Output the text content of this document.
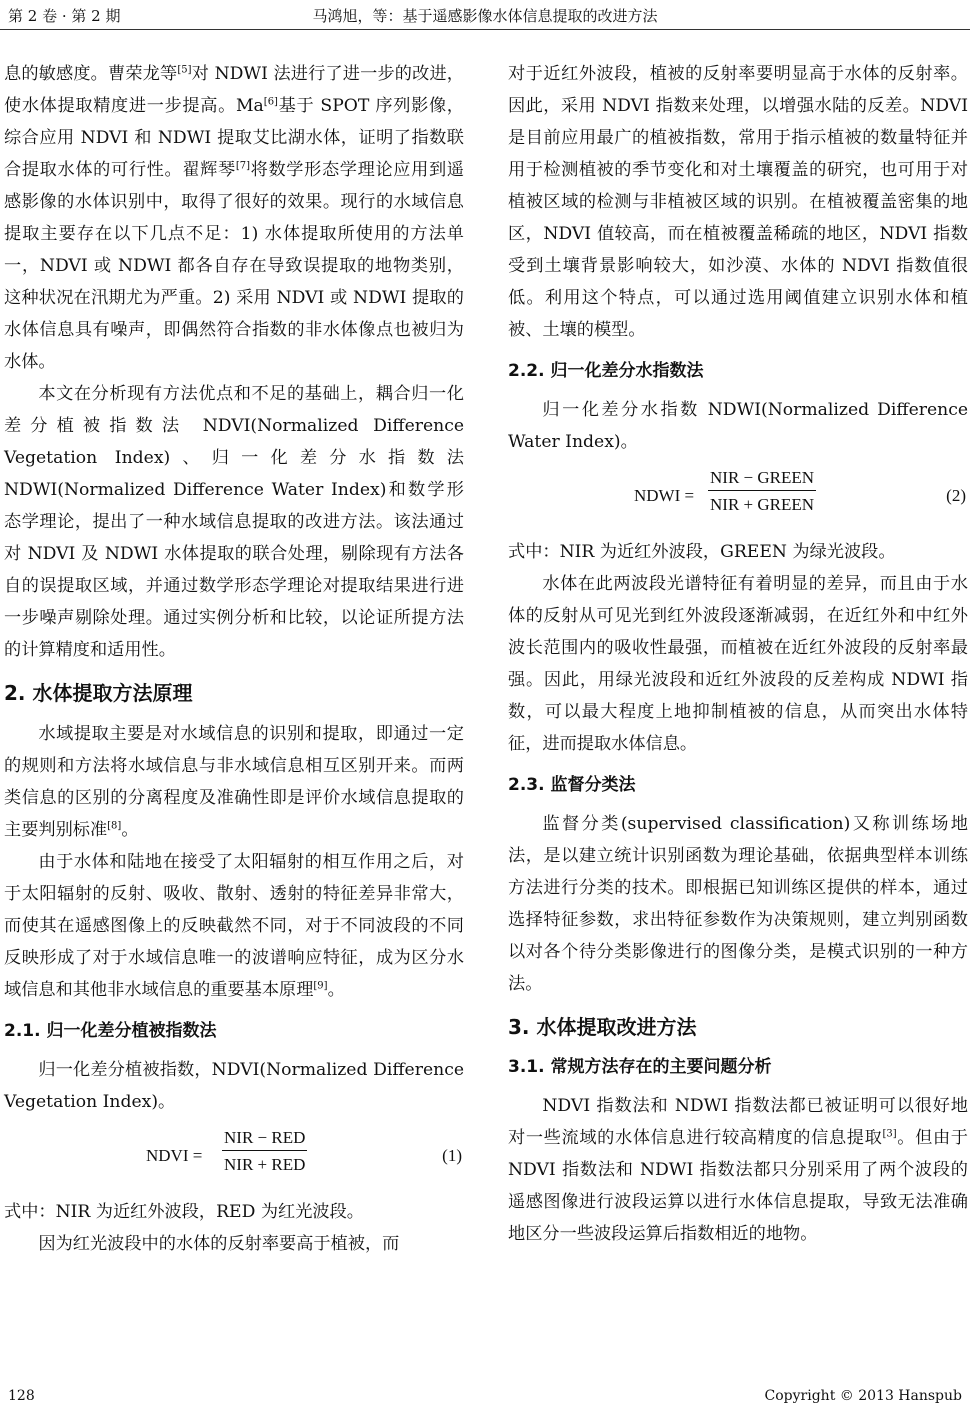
第 2 卷 · 第 2 期	马鸿旭，等：基于遥感影像水体信息提取的改进方法

息的敏感度。曹荣龙等[5]对 NDWI 法进行了进一步的改进，使水体提取精度进一步提高。Ma[6]基于 SPOT 序列影像，综合应用 NDVI 和 NDWI 提取艾比湖水体，证明了指数联合提取水体的可行性。翟辉琴[7]将数学形态学理论应用到遥感影像的水体识别中，取得了很好的效果。现行的水域信息提取主要存在以下几点不足：1) 水体提取所使用的方法单一，NDVI 或 NDWI 都各自存在导致误提取的地物类别，这种状况在汛期尤为严重。2) 采用 NDVI 或 NDWI 提取的水体信息具有噪声，即偶然符合指数的非水体像点也被归为水体。

本文在分析现有方法优点和不足的基础上，耦合归一化差分植被指数法 NDVI(Normalized Difference Vegetation Index)、归一化差分水指数法 NDWI(Normalized Difference Water Index)和数学形态学理论，提出了一种水域信息提取的改进方法。该法通过对 NDVI 及 NDWI 水体提取的联合处理，剔除现有方法各自的误提取区域，并通过数学形态学理论对提取结果进行进一步噪声剔除处理。通过实例分析和比较，以论证所提方法的计算精度和适用性。

2. 水体提取方法原理

水域提取主要是对水域信息的识别和提取，即通过一定的规则和方法将水域信息与非水域信息相互区别开来。而两类信息的区别的分离程度及准确性即是评价水域信息提取的主要判别标准[8]。

由于水体和陆地在接受了太阳辐射的相互作用之后，对于太阳辐射的反射、吸收、散射、透射的特征差异非常大，而使其在遥感图像上的反映截然不同，对于不同波段的不同反映形成了对于水域信息唯一的波谱响应特征，成为区分水域信息和其他非水域信息的重要基本原理[9]。

2.1. 归一化差分植被指数法

归一化差分植被指数，NDVI(Normalized Difference Vegetation Index)。

NDVI =
NIR − RED
NIR + RED	(1)

式中：NIR 为近红外波段，RED 为红光波段。

因为红光波段中的水体的反射率要高于植被，而

对于近红外波段，植被的反射率要明显高于水体的反射率。因此，采用 NDVI 指数来处理，以增强水陆的反差。NDVI 是目前应用最广的植被指数，常用于指示植被的数量特征并用于检测植被的季节变化和对土壤覆盖的研究，也可用于对植被区域的检测与非植被区域的识别。在植被覆盖密集的地区，NDVI 值较高，而在植被覆盖稀疏的地区，NDVI 指数受到土壤背景影响较大，如沙漠、水体的 NDVI 指数值很低。利用这个特点，可以通过选用阈值建立识别水体和植被、土壤的模型。

2.2. 归一化差分水指数法

归一化差分水指数 NDWI(Normalized Difference Water Index)。

NDWI =
NIR − GREEN
NIR + GREEN	(2)

式中：NIR 为近红外波段，GREEN 为绿光波段。

水体在此两波段光谱特征有着明显的差异，而且由于水体的反射从可见光到红外波段逐渐减弱，在近红外和中红外波长范围内的吸收性最强，而植被在近红外波段的反射率最强。因此，用绿光波段和近红外波段的反差构成 NDWI 指数，可以最大程度上地抑制植被的信息，从而突出水体特征，进而提取水体信息。

2.3. 监督分类法

监督分类(supervised classification)又称训练场地法，是以建立统计识别函数为理论基础，依据典型样本训练方法进行分类的技术。即根据已知训练区提供的样本，通过选择特征参数，求出特征参数作为决策规则，建立判别函数以对各个待分类影像进行的图像分类，是模式识别的一种方法。

3. 水体提取改进方法
3.1. 常规方法存在的主要问题分析

NDVI 指数法和 NDWI 指数法都已被证明可以很好地对一些流域的水体信息进行较高精度的信息提取[3]。但由于 NDVI 指数法和 NDWI 指数法都只分别采用了两个波段的遥感图像进行波段运算以进行水体信息提取，导致无法准确地区分一些波段运算后指数相近的地物。

128	Copyright © 2013 Hanspub
